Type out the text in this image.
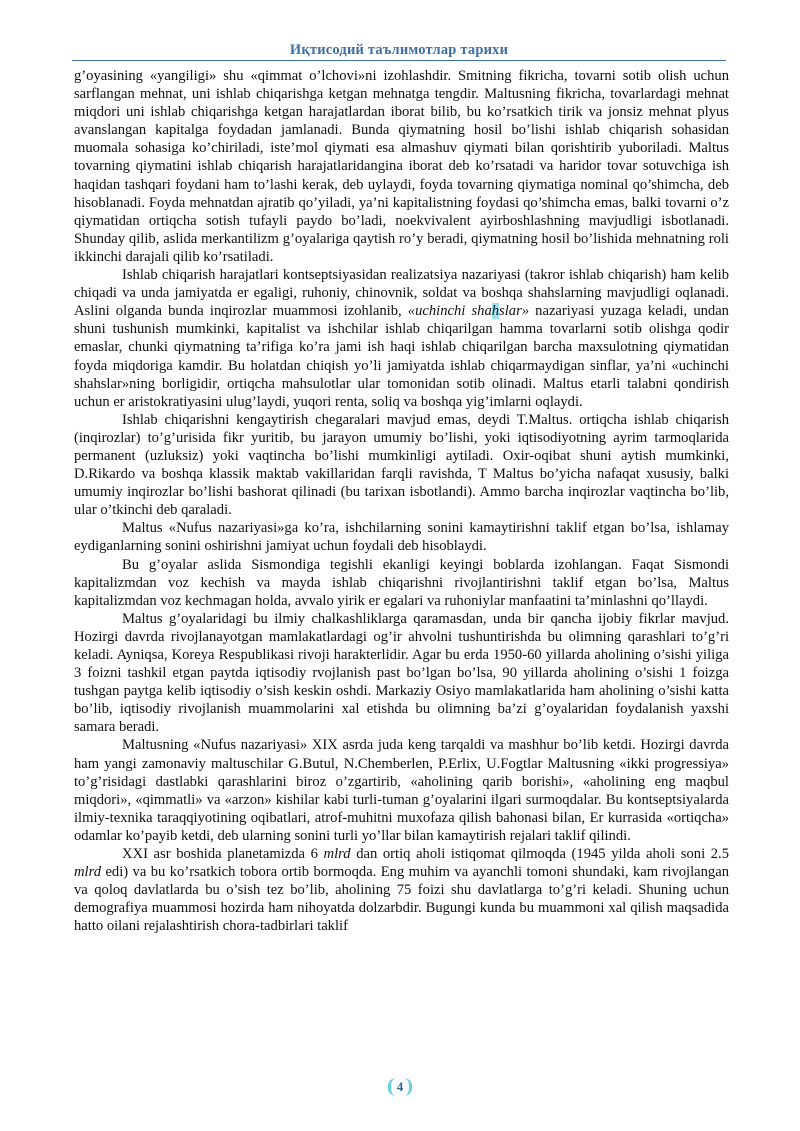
Иқтисодий таълимотлар тарихи

g’oyasining «yangiligi» shu «qimmat o’lchovi»ni izohlashdir. Smitning fikricha, tovarni sotib olish uchun sarflangan mehnat, uni ishlab chiqarishga ketgan mehnatga tengdir. Maltusning fikricha, tovarlardagi mehnat miqdori uni ishlab chiqarishga ketgan harajatlardan iborat bilib, bu ko’rsatkich tirik va jonsiz mehnat plyus avanslangan kapitalga foydadan jamlanadi. Bunda qiymatning hosil bo’lishi ishlab chiqarish sohasidan muomala sohasiga ko’chiriladi, iste’mol qiymati esa almashuv qiymati bilan qorishtirib yuboriladi. Maltus tovarning qiymatini ishlab chiqarish harajatlaridangina iborat deb ko’rsatadi va haridor tovar sotuvchiga ish haqidan tashqari foydani ham to’lashi kerak, deb uylaydi, foyda tovarning qiymatiga nominal qo’shimcha, deb hisoblanadi. Foyda mehnatdan ajratib qo’yiladi, ya’ni kapitalistning foydasi qo’shimcha emas, balki tovarni o’z qiymatidan ortiqcha sotish tufayli paydo bo’ladi, noekvivalent ayirboshlashning mavjudligi isbotlanadi. Shunday qilib, aslida merkantilizm g’oyalariga qaytish ro’y beradi, qiymatning hosil bo’lishida mehnatning roli ikkinchi darajali qilib ko’rsatiladi.

Ishlab chiqarish harajatlari kontseptsiyasidan realizatsiya nazariyasi (takror ishlab chiqarish) ham kelib chiqadi va unda jamiyatda er egaligi, ruhoniy, chinovnik, soldat va boshqa shahslarning mavjudligi oqlanadi. Aslini olganda bunda inqirozlar muammosi izohlanib, «uchinchi shahslar» nazariyasi yuzaga keladi, undan shuni tushunish mumkinki, kapitalist va ishchilar ishlab chiqarilgan hamma tovarlarni sotib olishga qodir emaslar, chunki qiymatning ta’rifiga ko’ra jami ish haqi ishlab chiqarilgan barcha maxsulotning qiymatidan foyda miqdoriga kamdir. Bu holatdan chiqish yo’li jamiyatda ishlab chiqarmaydigan sinflar, ya’ni «uchinchi shahslar»ning borligidir, ortiqcha mahsulotlar ular tomonidan sotib olinadi. Maltus etarli talabni qondirish uchun er aristokratiyasini ulug’laydi, yuqori renta, soliq va boshqa yig’imlarni oqlaydi.

Ishlab chiqarishni kengaytirish chegaralari mavjud emas, deydi T.Maltus. ortiqcha ishlab chiqarish (inqirozlar) to’g’urisida fikr yuritib, bu jarayon umumiy bo’lishi, yoki iqtisodiyotning ayrim tarmoqlarida permanent (uzluksiz) yoki vaqtincha bo’lishi mumkinligi aytiladi. Oxir-oqibat shuni aytish mumkinki, D.Rikardo va boshqa klassik maktab vakillaridan farqli ravishda, T Maltus bo’yicha nafaqat xususiy, balki umumiy inqirozlar bo’lishi bashorat qilinadi (bu tarixan isbotlandi). Ammo barcha inqirozlar vaqtincha bo’lib, ular o’tkinchi deb qaraladi.

Maltus «Nufus nazariyasi»ga ko’ra, ishchilarning sonini kamaytirishni taklif etgan bo’lsa, ishlamay eydiganlarning sonini oshirishni jamiyat uchun foydali deb hisoblaydi.

Bu g’oyalar aslida Sismondiga tegishli ekanligi keyingi boblarda izohlangan. Faqat Sismondi kapitalizmdan voz kechish va mayda ishlab chiqarishni rivojlantirishni taklif etgan bo’lsa, Maltus kapitalizmdan voz kechmagan holda, avvalo yirik er egalari va ruhoniylar manfaatini ta’minlashni qo’llaydi.

Maltus g’oyalaridagi bu ilmiy chalkashliklarga qaramasdan, unda bir qancha ijobiy fikrlar mavjud. Hozirgi davrda rivojlanayotgan mamlakatlardagi og’ir ahvolni tushuntirishda bu olimning qarashlari to’g’ri keladi. Ayniqsa, Koreya Respublikasi rivoji harakterlidir. Agar bu erda 1950-60 yillarda aholining o’sishi yiliga 3 foizni tashkil etgan paytda iqtisodiy rvojlanish past bo’lgan bo’lsa, 90 yillarda aholining o’sishi 1 foizga tushgan paytga kelib iqtisodiy o’sish keskin oshdi. Markaziy Osiyo mamlakatlarida ham aholining o’sishi katta bo’lib, iqtisodiy rivojlanish muammolarini xal etishda bu olimning ba’zi g’oyalaridan foydalanish yaxshi samara beradi.

Maltusning «Nufus nazariyasi» XIX asrda juda keng tarqaldi va mashhur bo’lib ketdi. Hozirgi davrda ham yangi zamonaviy maltuschilar G.Butul, N.Chemberlen, P.Erlix, U.Fogtlar Maltusning «ikki progressiya» to’g’risidagi dastlabki qarashlarini biroz o’zgartirib, «aholining qarib borishi», «aholining eng maqbul miqdori», «qimmatli» va «arzon» kishilar kabi turli-tuman g’oyalarini ilgari surmoqdalar. Bu kontseptsiyalarda ilmiy-texnika taraqqiyotining oqibatlari, atrof-muhitni muxofaza qilish bahonasi bilan, Er kurrasida «ortiqcha» odamlar ko’payib ketdi, deb ularning sonini turli yo’llar bilan kamaytirish rejalari taklif qilindi.

XXI asr boshida planetamizda 6 mlrd dan ortiq aholi istiqomat qilmoqda (1945 yilda aholi soni 2.5 mlrd edi) va bu ko’rsatkich tobora ortib bormoqda. Eng muhim va ayanchli tomoni shundaki, kam rivojlangan va qoloq davlatlarda bu o’sish tez bo’lib, aholining 75 foizi shu davlatlarga to’g’ri keladi. Shuning uchun demografiya muammosi hozirda ham nihoyatda dolzarbdir. Bugungi kunda bu muammoni xal qilish maqsadida hatto oilani rejalashtirish chora-tadbirlari taklif

4
